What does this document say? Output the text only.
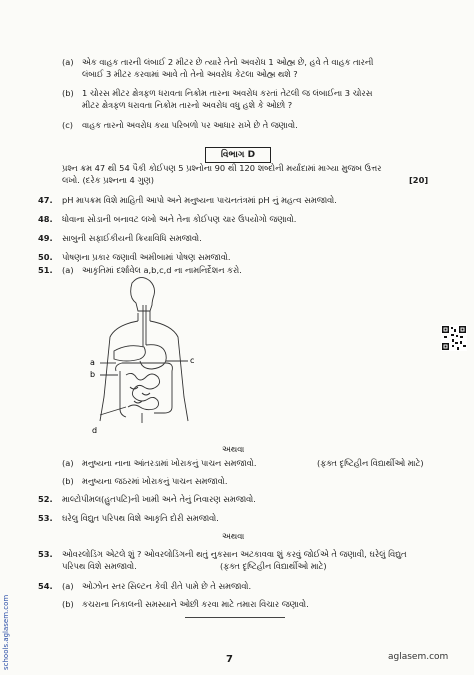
(a) એક વાહક તારની લંબાઈ 2 મીટર છે ત્યારે તેનો અવરોધ 1 ઓહ્મ છે, હવે તે વાહક તારની
લંબાઈ 3 મીટર કરવામાં આવે તો તેનો અવરોધ કેટલા ઓહ્મ થશે ?
(b) 1 ચોરસ મીટર ક્ષેત્રફળ ધરાવતા નિક્રોમ તારના અવરોધ કરતાં તેટલી જ લંબાઈના 3 ચોરસ
મીટર ક્ષેત્રફળ ધરાવતા નિક્રોમ તારનો અવરોધ વધુ હશે કે ઓછો ?
(c) વાહક તારનો અવરોધ કયા પરિબળો પર આધાર રાખે છે તે જણાવો.
વિભાગ D
પ્રશ્ન ક્રમ 47 થી 54 પૈકી કોઈપણ 5 પ્રશ્નોના 90 થી 120 શબ્દોની મર્યાદામાં માગ્યા મુજબ ઉત્તર
લખો. (દરેક પ્રશ્નના 4 ગુણ)	[20]
47. pH માપક્રમ વિશે માહિતી આપો અને મનુષ્યના પાચનતંત્રમાં pH નું મહત્વ સમજાવો.
48. ધોવાના સોડાની બનાવટ લખો અને તેના કોઈપણ ચાર ઉપયોગો જણાવો.
49. સાબુની સફાઈકીયની ક્રિયાવિધિ સમજાવો.
50. પોષણના પ્રકાર જણાવી અમીબામાં પોષણ સમજાવો.
51. (a) આકૃતિમાં દર્શાવેલ a,b,c,d ના નામનિર્દેશન કરો.
a
b
c
d
અથવા
(a) મનુષ્યના નાના આંતરડામાં ખોરાકનું પાચન સમજાવો.	(ફક્ત દૃષ્ટિહીન વિદ્યાર્થીઓ માટે)
(b) મનુષ્યના જઠરમાં ખોરાકનું પાચન સમજાવો.
52. માલ્ટોપીમલ(હુતપટિ)ની ખામી અને તેનું નિવારણ સમજાવો.
53. ઘરેલુ વિદ્યુત પરિપથ વિશે આકૃતિ દોરી સમજાવો.
અથવા
53. ઓવરલોડિંગ એટલે શું ? ઓવરલોડિંગની થતું નુકસાન અટકાવવા શું કરવું જોઈએ તે જણાવી, ઘરેલું વિદ્યુત
પરિપથ વિશે સમજાવો.	(ફક્ત દૃષ્ટિહીન વિદ્યાર્થીઓ માટે)
54. (a) ઓઝોન સ્તર સિલ્ટન કેવી રીતે પામે છે તે સમજાવો.
(b) કચરાના નિકાલની સમસ્યાને ઓછી કરવા માટે તમારા વિચાર જણાવો.
7	aglasem.com
schools.aglasem.com
